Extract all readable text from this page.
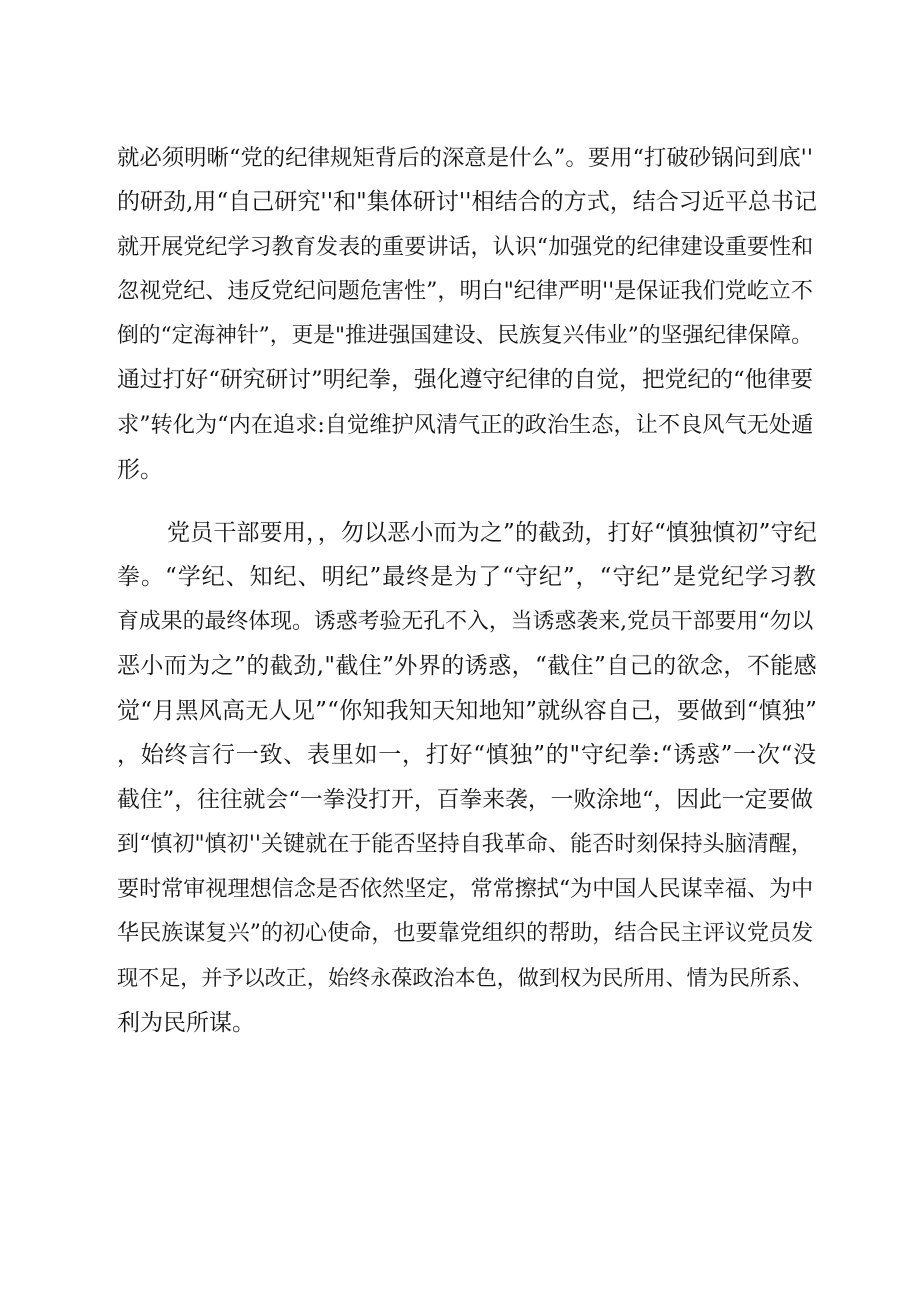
就必须明晰“党的纪律规矩背后的深意是什么”。要用“打破砂锅问到底''
的研劲,用“自己研究''和"集体研讨''相结合的方式，结合习近平总书记
就开展党纪学习教育发表的重要讲话，认识“加强党的纪律建设重要性和
忽视党纪、违反党纪问题危害性”，明白"纪律严明''是保证我们党屹立不
倒的“定海神针”，更是"推进强国建设、民族复兴伟业”的坚强纪律保障。
通过打好“研究研讨”明纪拳，强化遵守纪律的自觉，把党纪的“他律要
求”转化为“内在追求:自觉维护风清气正的政治生态，让不良风气无处遁
形。
党员干部要用，，勿以恶小而为之”的截劲，打好“慎独慎初”守纪
拳。“学纪、知纪、明纪”最终是为了“守纪”，“守纪”是党纪学习教
育成果的最终体现。诱惑考验无孔不入，当诱惑袭来,党员干部要用“勿以
恶小而为之”的截劲,"截住”外界的诱惑，“截住”自己的欲念，不能感
觉“月黑风高无人见”“你知我知天知地知”就纵容自己，要做到“慎独”
，始终言行一致、表里如一，打好“慎独”的"守纪拳:“诱惑”一次“没
截住”，往往就会“一拳没打开，百拳来袭，一败涂地“，因此一定要做
到“慎初"慎初''关键就在于能否坚持自我革命、能否时刻保持头脑清醒，
要时常审视理想信念是否依然坚定，常常擦拭“为中国人民谋幸福、为中
华民族谋复兴”的初心使命，也要靠党组织的帮助，结合民主评议党员发
现不足，并予以改正，始终永葆政治本色，做到权为民所用、情为民所系、
利为民所谋。
